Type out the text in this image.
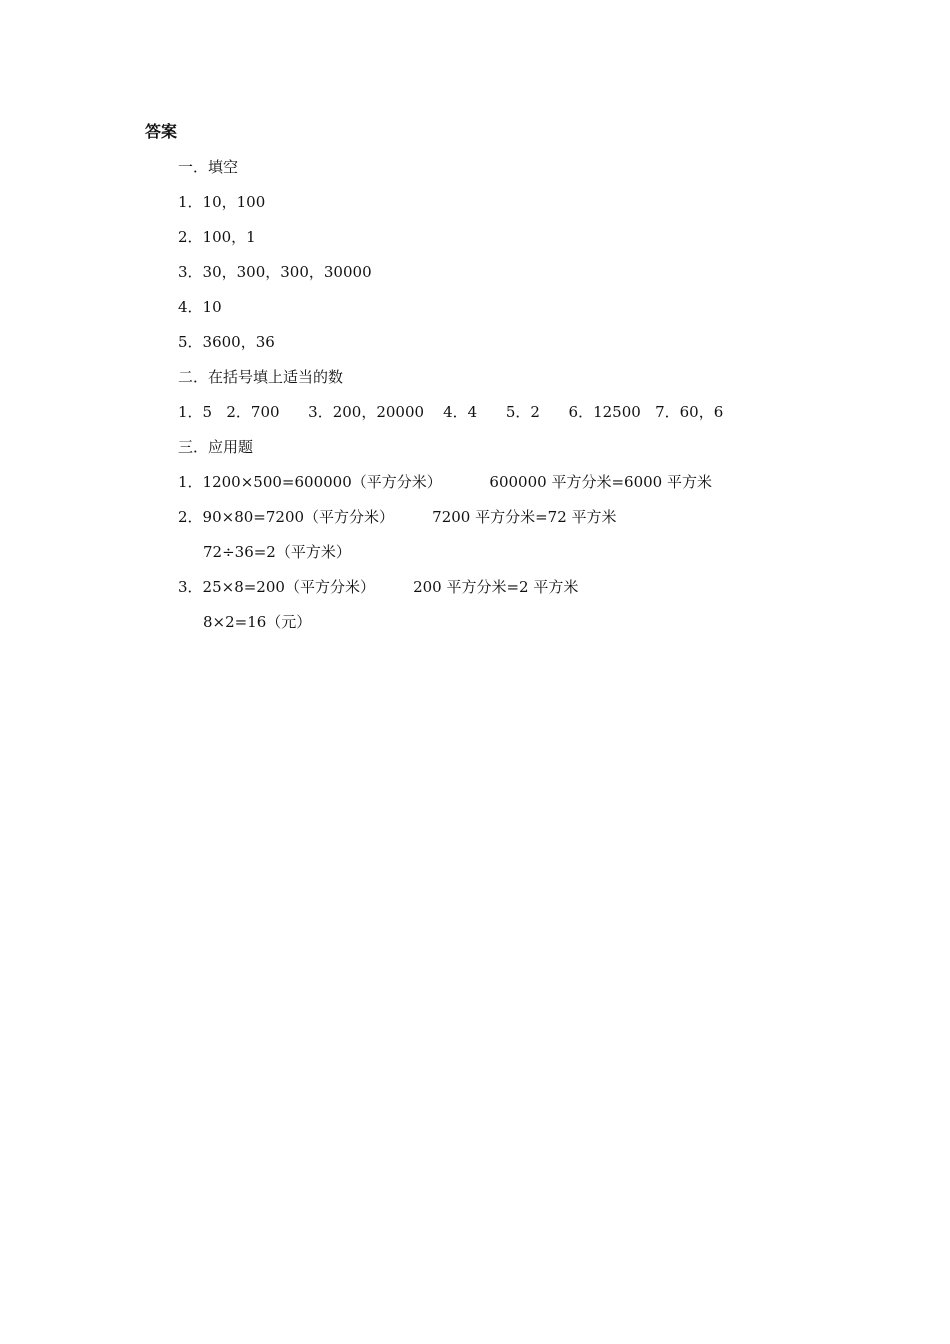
答案
一．填空
1．10，100
2．100，1
3．30，300，300，30000
4．10
5．3600，36
二．在括号填上适当的数
1．5   2．700      3．200，20000    4．4      5．2      6．12500   7．60，6
三．应用题
1．1200×500=600000（平方分米）          600000 平方分米=6000 平方米
2．90×80=7200（平方分米）        7200 平方分米=72 平方米
72÷36=2（平方米）
3．25×8=200（平方分米）        200 平方分米=2 平方米
8×2=16（元）
